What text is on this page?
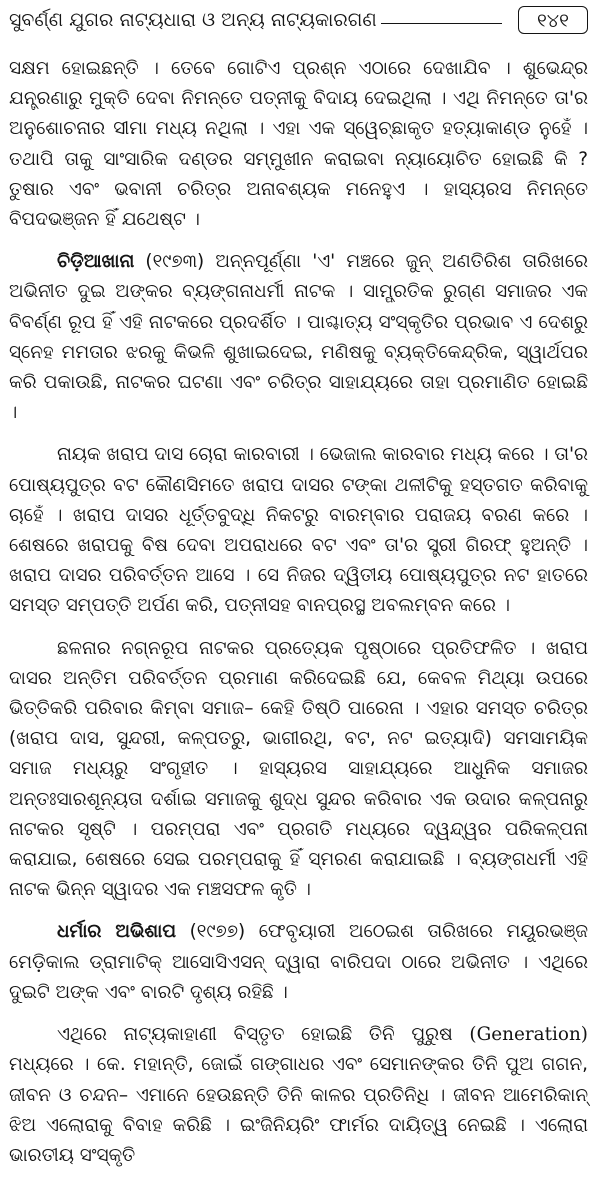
ସୁବର୍ଣ୍ଣ ଯୁଗର ନାଟ୍ୟଧାରା ଓ ଅନ୍ୟ ନାଟ୍ୟକାରଗଣ	୧୪୧

ସକ୍ଷମ ହୋଇଛନ୍ତି । ତେବେ ଗୋଟିଏ ପ୍ରଶ୍ନ ଏଠାରେ ଦେଖାଯିବ । ଶୁଭେନ୍ଦ୍ର ଯନ୍ତ୍ରଣାରୁ ମୁକ୍ତି ଦେବା ନିମନ୍ତେ ପତ୍ନୀକୁ ବିଦାୟ ଦେଇଥିଲା । ଏଥି ନିମନ୍ତେ ତା'ର ଅନୁଶୋଚନାର ସୀମା ମଧ୍ୟ ନଥିଲା । ଏହା ଏକ ସ୍ୱେଚ୍ଛାକୃତ ହତ୍ୟାକାଣ୍ଡ ନୁହେଁ । ତଥାପି ତାକୁ ସାଂସାରିକ ଦଣ୍ଡର ସମ୍ମୁଖୀନ କରାଇବା ନ୍ୟାୟୋଚିତ ହୋଇଛି କି ? ତୁଷାର ଏବଂ ଭବାନୀ ଚରିତ୍ର ଅନାବଶ୍ୟକ ମନେହୁଏ । ହାସ୍ୟରସ ନିମନ୍ତେ ବିପଦଭଞ୍ଜନ ହିଁ ଯଥେଷ୍ଟ ।

ଚିଡ଼ିଆଖାନା (୧୯୭୩) ଅନ୍ନପୂର୍ଣ୍ଣା 'ଏ' ମଞ୍ଚରେ ଜୁନ୍ ଅଣତିରିଶ ତାରିଖରେ ଅଭିନୀତ ଦୁଇ ଅଙ୍କର ବ୍ୟଙ୍ଗନାଧର୍ମୀ ନାଟକ । ସାମ୍ପ୍ରତିକ ରୁଗ୍ଣ ସମାଜର ଏକ ବିବର୍ଣ୍ଣ ରୂପ ହିଁ ଏହି ନାଟକରେ ପ୍ରଦର୍ଶିତ । ପାଶ୍ଚାତ୍ୟ ସଂସ୍କୃତିର ପ୍ରଭାବ ଏ ଦେଶରୁ ସ୍ନେହ ମମତାର ଝରକୁ କିଭଳି ଶୁଖାଇଦେଇ, ମଣିଷକୁ ବ୍ୟକ୍ତିକେନ୍ଦ୍ରିକ, ସ୍ୱାର୍ଥପର କରି ପକାଉଛି, ନାଟକର ଘଟଣା ଏବଂ ଚରିତ୍ର ସାହାଯ୍ୟରେ ତାହା ପ୍ରମାଣିତ ହୋଇଛି ।

ନାୟକ ଖରାପ ଦାସ ଚୋରା କାରବାରୀ । ଭେଜାଲ କାରବାର ମଧ୍ୟ କରେ । ତା'ର ପୋଷ୍ୟପୁତ୍ର ବଟ କୌଣସିମତେ ଖରାପ ଦାସର ଟଙ୍କା ଥଳୀଟିକୁ ହସ୍ତଗତ କରିବାକୁ ଚାହେଁ । ଖରାପ ଦାସର ଧୂର୍ତ୍ତବୁଦ୍ଧି ନିକଟରୁ ବାରମ୍ବାର ପରାଜୟ ବରଣ କରେ । ଶେଷରେ ଖରାପକୁ ବିଷ ଦେବା ଅପରାଧରେ ବଟ ଏବଂ ତା'ର ସ୍ତ୍ରୀ ଗିରଫ୍ ହୁଅନ୍ତି । ଖରାପ ଦାସର ପରିବର୍ତ୍ତନ ଆସେ । ସେ ନିଜର ଦ୍ୱିତୀୟ ପୋଷ୍ୟପୁତ୍ର ନଟ ହାତରେ ସମସ୍ତ ସମ୍ପତ୍ତି ଅର୍ପଣ କରି, ପତ୍ନୀସହ ବାନପ୍ରସ୍ଥ ଅବଲମ୍ବନ କରେ ।

ଛଳନାର ନଗ୍ନରୂପ ନାଟକର ପ୍ରତ୍ୟେକ ପୃଷ୍ଠାରେ ପ୍ରତିଫଳିତ । ଖରାପ ଦାସର ଅନ୍ତିମ ପରିବର୍ତ୍ତନ ପ୍ରମାଣ କରିଦେଇଛି ଯେ, କେବଳ ମିଥ୍ୟା ଉପରେ ଭିତ୍ତିକରି ପରିବାର କିମ୍ବା ସମାଜ– କେହି ତିଷ୍ଠି ପାରେନା । ଏହାର ସମସ୍ତ ଚରିତ୍ର (ଖରାପ ଦାସ, ସୁନ୍ଦରୀ, କଳ୍ପତରୁ, ଭାଗୀରଥି, ବଟ, ନଟ ଇତ୍ୟାଦି) ସମସାମୟିକ ସମାଜ ମଧ୍ୟରୁ ସଂଗୃହୀତ । ହାସ୍ୟରସ ସାହାଯ୍ୟରେ ଆଧୁନିକ ସମାଜର ଅନ୍ତଃସାରଶୂନ୍ୟତା ଦର୍ଶାଇ ସମାଜକୁ ଶୁଦ୍ଧ ସୁନ୍ଦର କରିବାର ଏକ ଉଦାର କଳ୍ପନାରୁ ନାଟକର ସୃଷ୍ଟି । ପରମ୍ପରା ଏବଂ ପ୍ରଗତି ମଧ୍ୟରେ ଦ୍ୱନ୍ଦ୍ୱର ପରିକଳ୍ପନା କରାଯାଇ, ଶେଷରେ ସେଇ ପରମ୍ପରାକୁ ହିଁ ସ୍ମରଣ କରାଯାଇଛି । ବ୍ୟଙ୍ଗଧର୍ମୀ ଏହି ନାଟକ ଭିନ୍ନ ସ୍ୱାଦର ଏକ ମଞ୍ଚସଫଳ କୃତି ।

ଧର୍ମାର ଅଭିଶାପ (୧୯୭୭) ଫେବୃୟାରୀ ଅଠେଇଶ ତାରିଖରେ ମୟୂରଭଞ୍ଜ ମେଡ଼ିକାଲ ଡ୍ରାମାଟିକ୍ ଆସୋସିଏସନ୍ ଦ୍ୱାରା ବାରିପଦା ଠାରେ ଅଭିନୀତ । ଏଥିରେ ଦୁଇଟି ଅଙ୍କ ଏବଂ ବାରଟି ଦୃଶ୍ୟ ରହିଛି ।

ଏଥିରେ ନାଟ୍ୟକାହାଣୀ ବିସ୍ତୃତ ହୋଇଛି ତିନି ପୁରୁଷ (Generation) ମଧ୍ୟରେ । କେ. ମହାନ୍ତି, ଜୋଇଁ ଗଙ୍ଗାଧର ଏବଂ ସେମାନଙ୍କର ତିନି ପୁଅ ଗଗନ, ଜୀବନ ଓ ଚନ୍ଦନ– ଏମାନେ ହେଉଛନ୍ତି ତିନି କାଳର ପ୍ରତିନିଧି । ଜୀବନ ଆମେରିକାନ୍ ଝିଅ ଏଲୋରାକୁ ବିବାହ କରିଛି । ଇଂଜିନିୟରିଂ ଫାର୍ମର ଦାୟିତ୍ୱ ନେଇଛି । ଏଲୋରା ଭାରତୀୟ ସଂସ୍କୃତି
